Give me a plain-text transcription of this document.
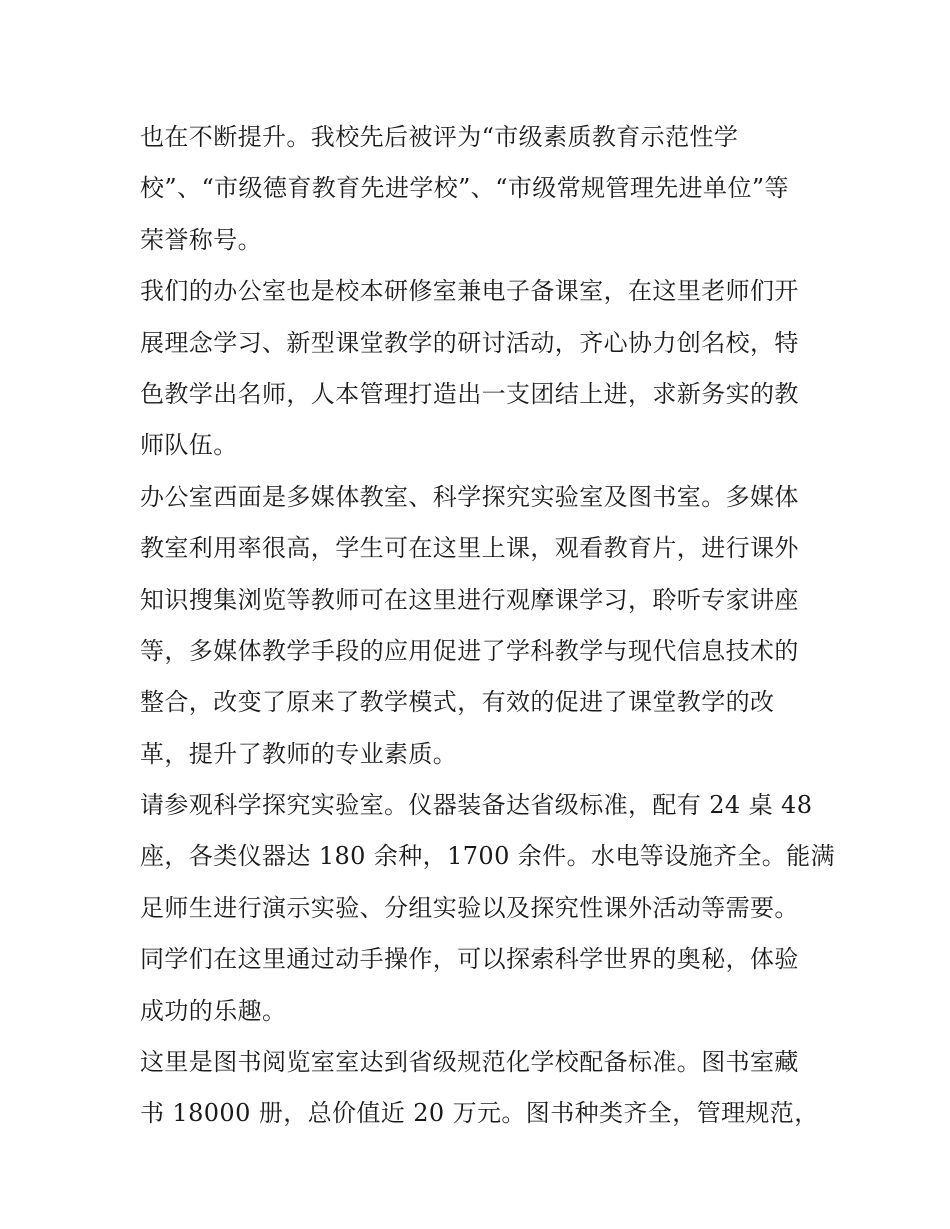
也在不断提升。我校先后被评为“市级素质教育示范性学
校”、“市级德育教育先进学校”、“市级常规管理先进单位”等
荣誉称号。
我们的办公室也是校本研修室兼电子备课室，在这里老师们开
展理念学习、新型课堂教学的研讨活动，齐心协力创名校，特
色教学出名师，人本管理打造出一支团结上进，求新务实的教
师队伍。
办公室西面是多媒体教室、科学探究实验室及图书室。多媒体
教室利用率很高，学生可在这里上课，观看教育片，进行课外
知识搜集浏览等教师可在这里进行观摩课学习，聆听专家讲座
等，多媒体教学手段的应用促进了学科教学与现代信息技术的
整合，改变了原来了教学模式，有效的促进了课堂教学的改
革，提升了教师的专业素质。
请参观科学探究实验室。仪器装备达省级标准，配有 24 桌 48
座，各类仪器达 180 余种，1700 余件。水电等设施齐全。能满
足师生进行演示实验、分组实验以及探究性课外活动等需要。
同学们在这里通过动手操作，可以探索科学世界的奥秘，体验
成功的乐趣。
这里是图书阅览室室达到省级规范化学校配备标准。图书室藏
书 18000 册，总价值近 20 万元。图书种类齐全，管理规范，
